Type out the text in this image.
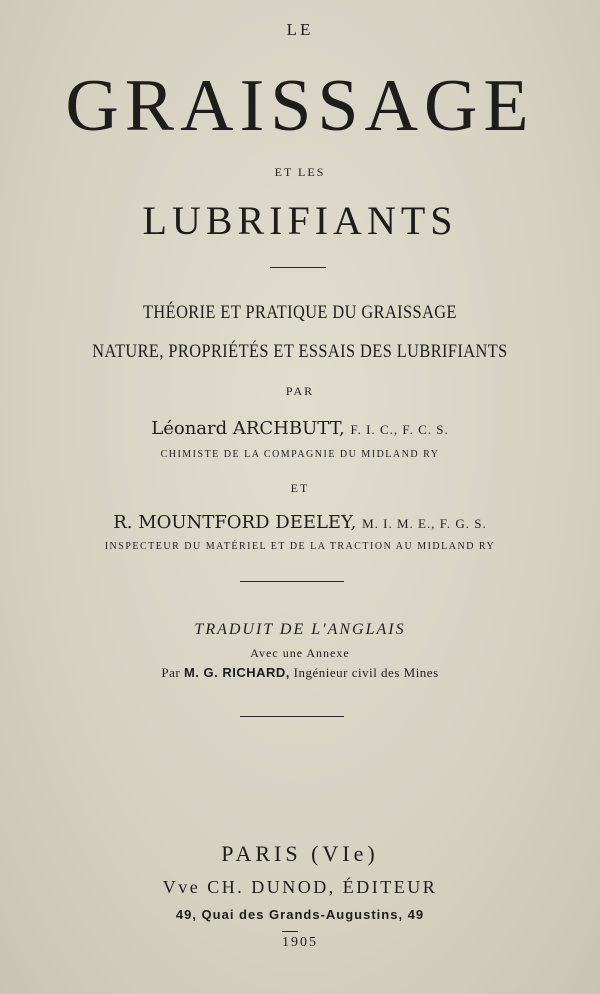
LE
GRAISSAGE
ET LES
LUBRIFIANTS
THÉORIE ET PRATIQUE DU GRAISSAGE
NATURE, PROPRIÉTÉS ET ESSAIS DES LUBRIFIANTS
PAR
Léonard ARCHBUTT, F. I. C., F. C. S.
CHIMISTE DE LA COMPAGNIE DU MIDLAND RY
ET
R. MOUNTFORD DEELEY, M. I. M. E., F. G. S.
INSPECTEUR DU MATÉRIEL ET DE LA TRACTION AU MIDLAND RY
TRADUIT DE L'ANGLAIS
Avec une Annexe
Par M. G. RICHARD, Ingénieur civil des Mines
PARIS (VIe)
Vve CH. DUNOD, ÉDITEUR
49, Quai des Grands-Augustins, 49
1905
